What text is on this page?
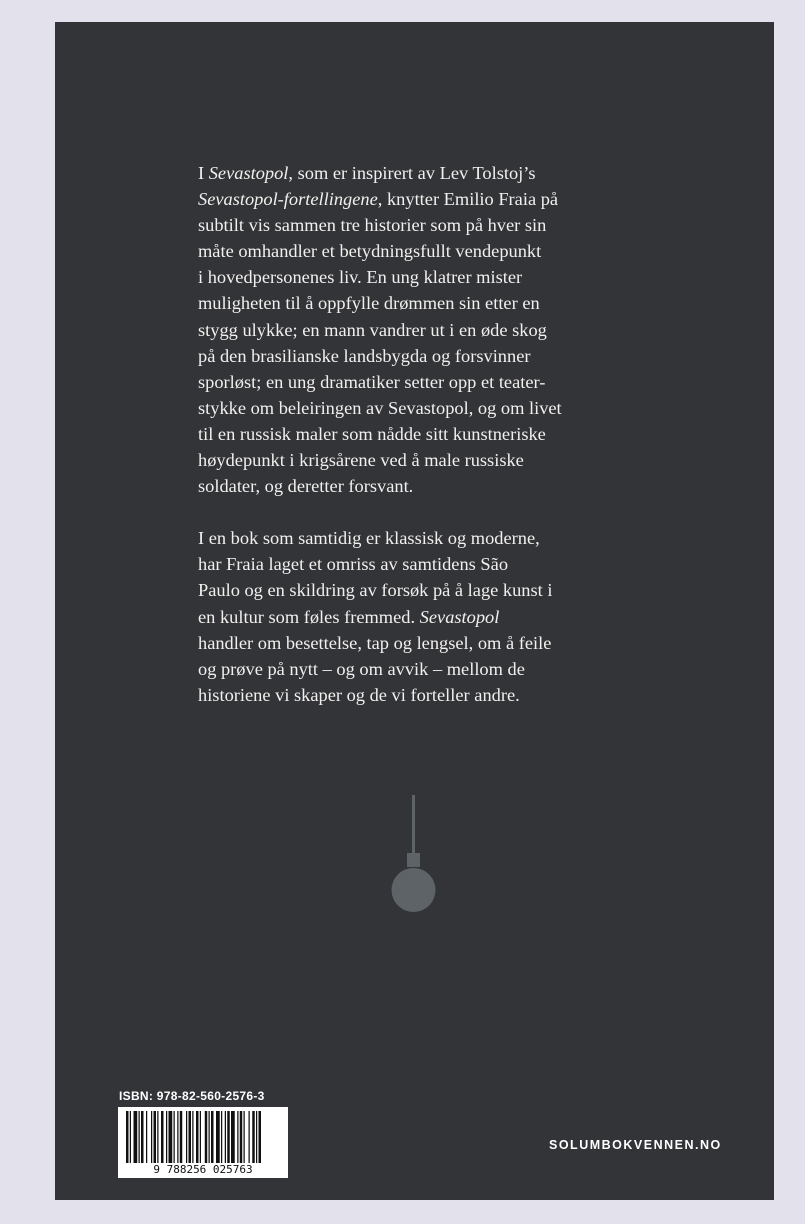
I Sevastopol, som er inspirert av Lev Tolstoj’s
Sevastopol-fortellingene, knytter Emilio Fraia på
subtilt vis sammen tre historier som på hver sin
måte omhandler et betydningsfullt vendepunkt
i hovedpersonenes liv. En ung klatrer mister
muligheten til å oppfylle drømmen sin etter en
stygg ulykke; en mann vandrer ut i en øde skog
på den brasilianske landsbygda og forsvinner
sporløst; en ung dramatiker setter opp et teater-
stykke om beleiringen av Sevastopol, og om livet
til en russisk maler som nådde sitt kunstneriske
høydepunkt i krigsårene ved å male russiske
soldater, og deretter forsvant.

I en bok som samtidig er klassisk og moderne,
har Fraia laget et omriss av samtidens São
Paulo og en skildring av forsøk på å lage kunst i
en kultur som føles fremmed. Sevastopol
handler om besettelse, tap og lengsel, om å feile
og prøve på nytt – og om avvik – mellom de
historiene vi skaper og de vi forteller andre.

ISBN: 978-82-560-2576-3
9 788256 025763
SOLUMBOKVENNEN.NO
